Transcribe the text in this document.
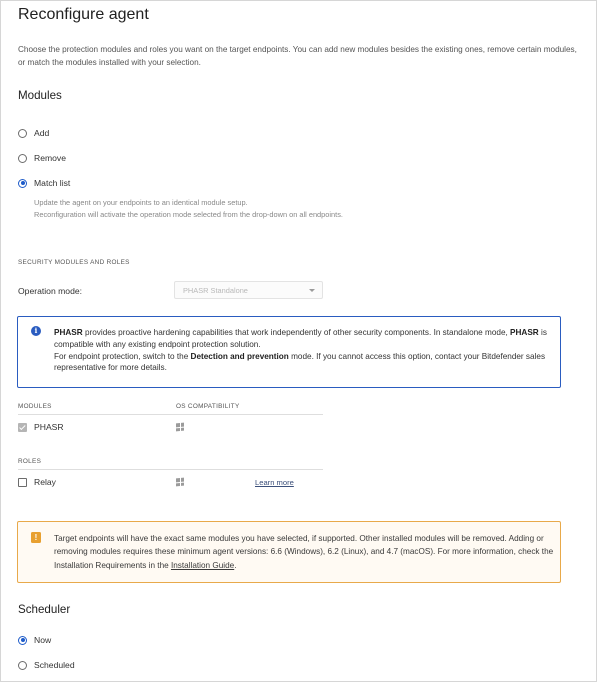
Reconfigure agent
Choose the protection modules and roles you want on the target endpoints. You can add new modules besides the existing ones, remove certain modules, or match the modules installed with your selection.
Modules
Add
Remove
Match list
Update the agent on your endpoints to an identical module setup.
Reconfiguration will activate the operation mode selected from the drop-down on all endpoints.
SECURITY MODULES AND ROLES
Operation mode:	PHASR Standalone
i	PHASR provides proactive hardening capabilities that work independently of other security components. In standalone mode, PHASR is compatible with any existing endpoint protection solution.
For endpoint protection, switch to the Detection and prevention mode. If you cannot access this option, contact your Bitdefender sales representative for more details.
MODULES	OS COMPATIBILITY
PHASR
ROLES
Relay	Learn more
!	Target endpoints will have the exact same modules you have selected, if supported. Other installed modules will be removed. Adding or removing modules requires these minimum agent versions: 6.6 (Windows), 6.2 (Linux), and 4.7 (macOS). For more information, check the Installation Requirements in the Installation Guide.
Scheduler
Now
Scheduled
